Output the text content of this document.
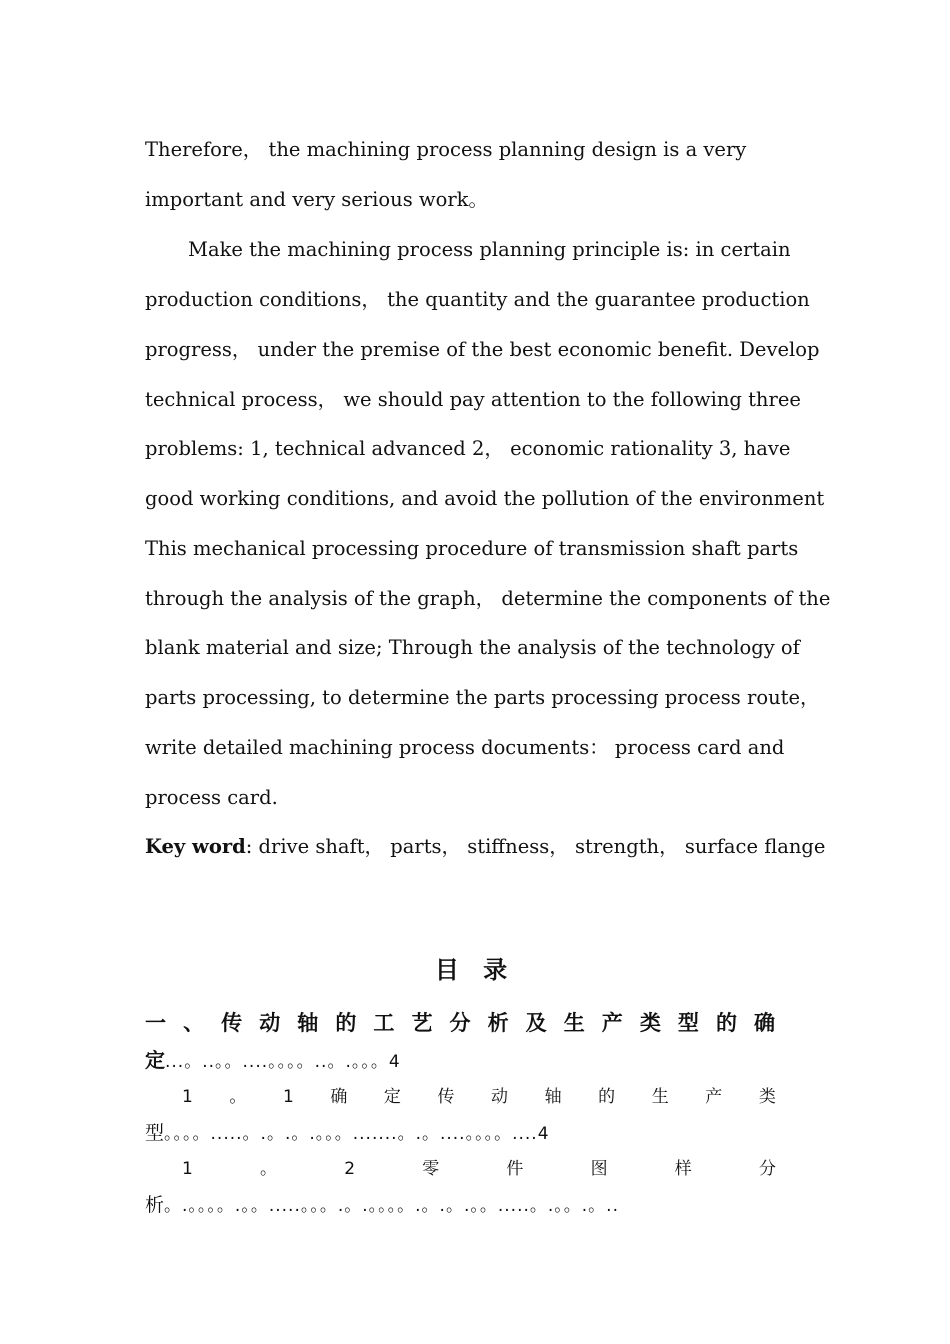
Therefore， the machining process planning design is a very
important and very serious work。
Make the machining process planning principle is: in certain
production conditions， the quantity and the guarantee production
progress， under the premise of the best economic benefit. Develop
technical process， we should pay attention to the following three
problems: 1, technical advanced 2， economic rationality 3, have
good working conditions, and avoid the pollution of the environment
This mechanical processing procedure of transmission shaft parts
through the analysis of the graph， determine the components of the
blank material and size; Through the analysis of the technology of
parts processing, to determine the parts processing process route，
write detailed machining process documents： process card and
process card.
Key word: drive shaft， parts， stiffness， strength， surface flange
目 录
一 、 传 动 轴 的 工 艺 分 析 及 生 产 类 型 的 确
定...。..。。....。。。。..。.。。。4
1 。 1 确 定 传 动 轴 的 生 产 类
型。。。。.....。.。.。.。。。.......。.。....。。。。....4
1	。	2	零	件	图	样	分
析。.。。。。.。。.....。。。.。.。。。。.。.。.。。.....。.。。.。..
